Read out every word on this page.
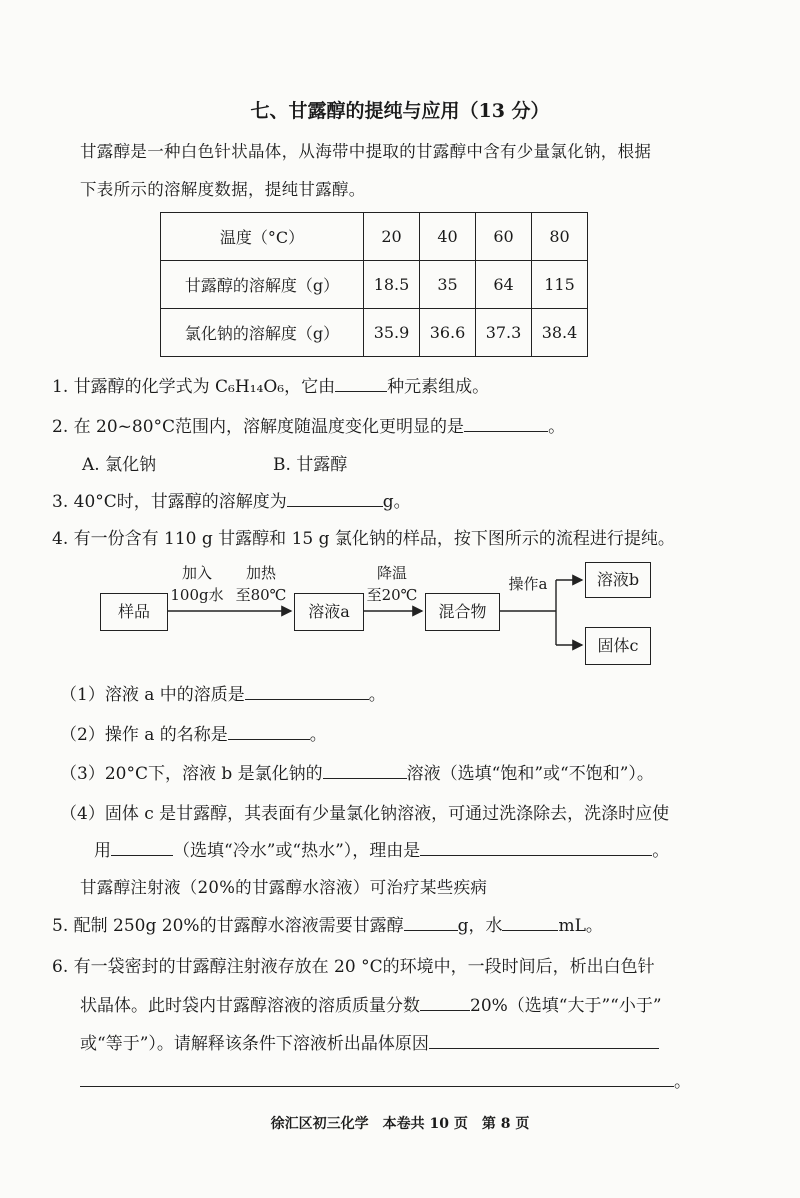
七、甘露醇的提纯与应用（13 分）
甘露醇是一种白色针状晶体，从海带中提取的甘露醇中含有少量氯化钠，根据
下表所示的溶解度数据，提纯甘露醇。
温度（°C）	20	40	60	80
甘露醇的溶解度（g）	18.5	35	64	115
氯化钠的溶解度（g）	35.9	36.6	37.3	38.4
1. 甘露醇的化学式为 C₆H₁₄O₆，它由	种元素组成。
2. 在 20~80°C范围内，溶解度随温度变化更明显的是	。
A. 氯化钠	B. 甘露醇
3. 40°C时，甘露醇的溶解度为	g。
4. 有一份含有 110 g 甘露醇和 15 g 氯化钠的样品，按下图所示的流程进行提纯。
样品
加入
100g水
加热
至80℃
溶液a
降温
至20℃
混合物
操作a	溶液b
固体c
（1）溶液 a 中的溶质是	。
（2）操作 a 的名称是	。
（3）20°C下，溶液 b 是氯化钠的	溶液（选填“饱和”或“不饱和”）。
（4）固体 c 是甘露醇，其表面有少量氯化钠溶液，可通过洗涤除去，洗涤时应使
用	（选填“冷水”或“热水”），理由是	。
甘露醇注射液（20%的甘露醇水溶液）可治疗某些疾病
5. 配制 250g 20%的甘露醇水溶液需要甘露醇	g，水	mL。
6. 有一袋密封的甘露醇注射液存放在 20 °C的环境中，一段时间后，析出白色针
状晶体。此时袋内甘露醇溶液的溶质质量分数	20%（选填“大于”“小于”
或“等于”）。请解释该条件下溶液析出晶体原因
。
徐汇区初三化学　本卷共 10 页　第 8 页
